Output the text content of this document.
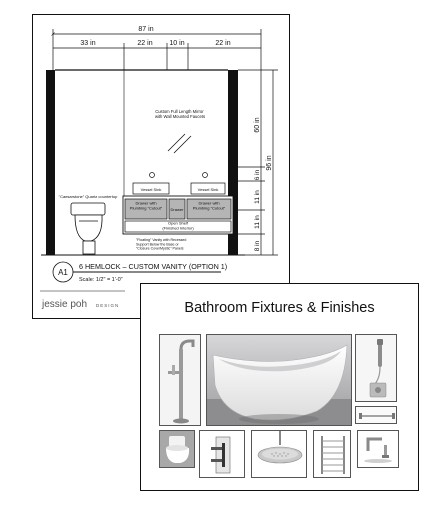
87 in
33 in	22 in 10 in	22 in
60 in
96 in
6 in
11 in
11 in
8 in
Custom Full Length Mirror with Wall Mounted Faucets
Vessel Sink	Vessel Sink
Drawer with Plumbing "Cutout" Drawer
Drawer with Plumbing "Cutout"
Open Shelf (Finished Interior)
"Caesarstone" Quartz countertop
"Floating" Vanity with Recessed Support Below the Base or "Closure Cove/Mystic" Panels
A1
6 HEMLOCK – CUSTOM VANITY (OPTION 1)
Scale: 1/2" = 1'-0"
jessie poh DESIGN	Bathroom Fixtures & Finishes
